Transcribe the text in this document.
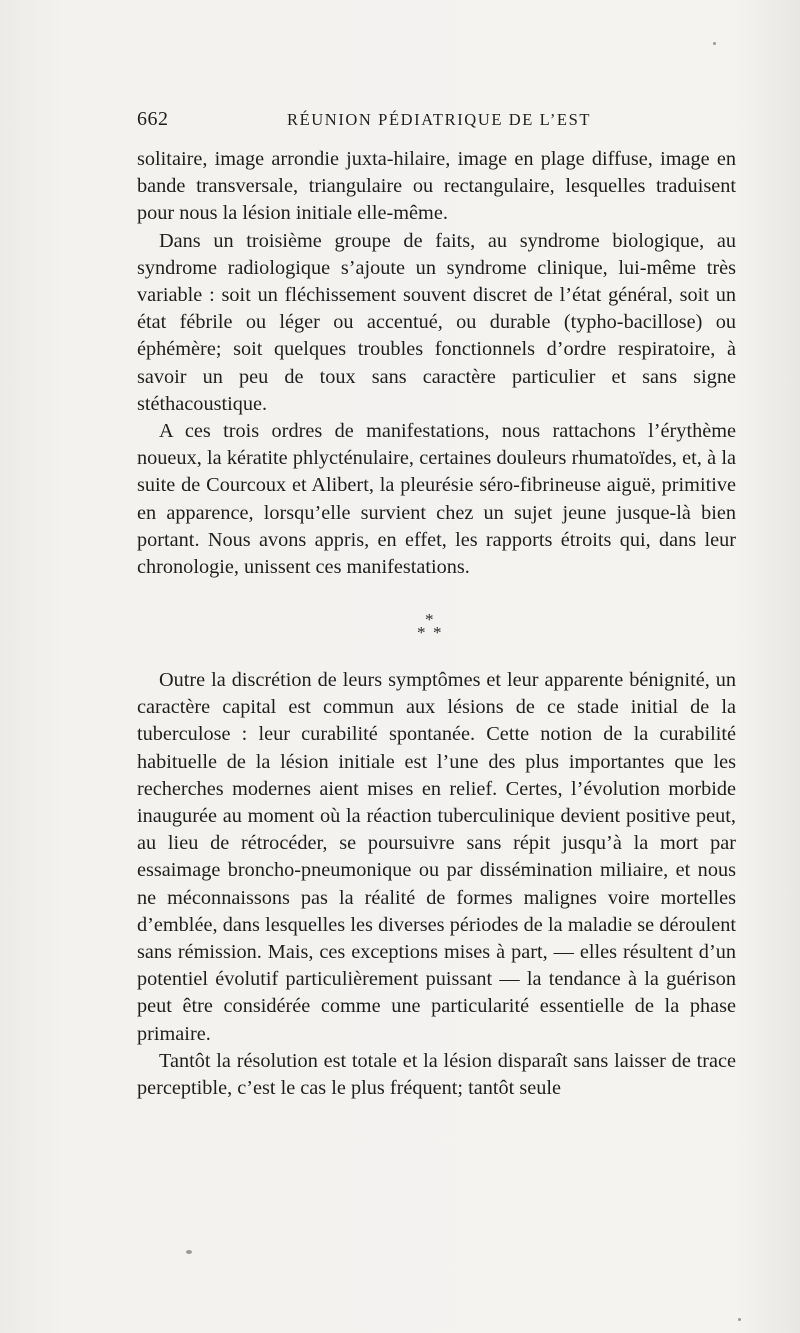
662	RÉUNION PÉDIATRIQUE DE L’EST

solitaire, image arrondie juxta-hilaire, image en plage diffuse, image en bande transversale, triangulaire ou rectangulaire, lesquelles traduisent pour nous la lésion initiale elle-même.

Dans un troisième groupe de faits, au syndrome biologique, au syndrome radiologique s’ajoute un syndrome clinique, lui-même très variable : soit un fléchissement souvent discret de l’état général, soit un état fébrile ou léger ou accentué, ou durable (typho-bacillose) ou éphémère; soit quelques troubles fonctionnels d’ordre respiratoire, à savoir un peu de toux sans caractère particulier et sans signe stéthacoustique.

A ces trois ordres de manifestations, nous rattachons l’érythème noueux, la kératite phlycténulaire, certaines douleurs rhumatoïdes, et, à la suite de Courcoux et Alibert, la pleurésie séro-fibrineuse aiguë, primitive en apparence, lorsqu’elle survient chez un sujet jeune jusque-là bien portant. Nous avons appris, en effet, les rapports étroits qui, dans leur chronologie, unissent ces manifestations.

*
* *

Outre la discrétion de leurs symptômes et leur apparente bénignité, un caractère capital est commun aux lésions de ce stade initial de la tuberculose : leur curabilité spontanée. Cette notion de la curabilité habituelle de la lésion initiale est l’une des plus importantes que les recherches modernes aient mises en relief. Certes, l’évolution morbide inaugurée au moment où la réaction tuberculinique devient positive peut, au lieu de rétrocéder, se poursuivre sans répit jusqu’à la mort par essaimage broncho-pneumonique ou par dissémination miliaire, et nous ne méconnaissons pas la réalité de formes malignes voire mortelles d’emblée, dans lesquelles les diverses périodes de la maladie se déroulent sans rémission. Mais, ces exceptions mises à part, — elles résultent d’un potentiel évolutif particulièrement puissant — la tendance à la guérison peut être considérée comme une particularité essentielle de la phase primaire.

Tantôt la résolution est totale et la lésion disparaît sans laisser de trace perceptible, c’est le cas le plus fréquent; tantôt seule
